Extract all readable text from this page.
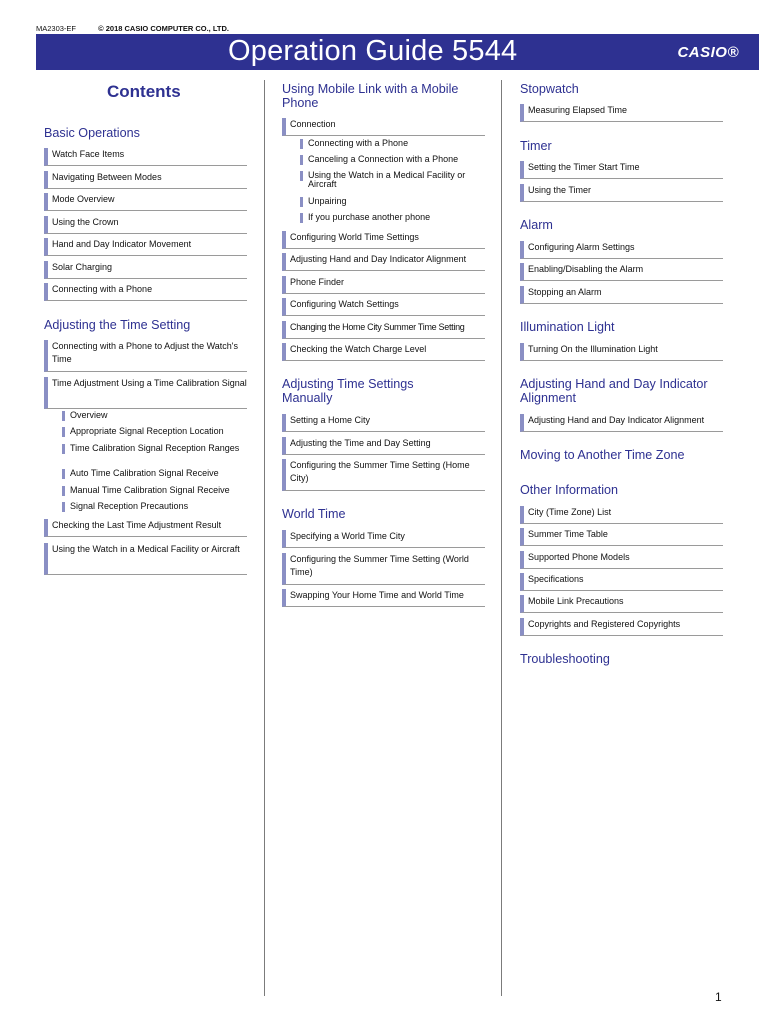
MA2303-EF	© 2018 CASIO COMPUTER CO., LTD.
Operation Guide 5544	CASIO®
Contents
Basic Operations
Watch Face Items
Navigating Between Modes
Mode Overview
Using the Crown
Hand and Day Indicator Movement
Solar Charging
Connecting with a Phone
Adjusting the Time Setting
Connecting with a Phone to Adjust the Watch's Time
Time Adjustment Using a Time Calibration Signal
Overview
Appropriate Signal Reception Location
Time Calibration Signal Reception Ranges
Auto Time Calibration Signal Receive
Manual Time Calibration Signal Receive
Signal Reception Precautions
Checking the Last Time Adjustment Result
Using the Watch in a Medical Facility or Aircraft
Using Mobile Link with a Mobile Phone
Connection
Connecting with a Phone
Canceling a Connection with a Phone
Using the Watch in a Medical Facility or Aircraft
Unpairing
If you purchase another phone
Configuring World Time Settings
Adjusting Hand and Day Indicator Alignment
Phone Finder
Configuring Watch Settings
Changing the Home City Summer Time Setting
Checking the Watch Charge Level
Adjusting Time Settings Manually
Setting a Home City
Adjusting the Time and Day Setting
Configuring the Summer Time Setting (Home City)
World Time
Specifying a World Time City
Configuring the Summer Time Setting (World Time)
Swapping Your Home Time and World Time
Stopwatch
Measuring Elapsed Time
Timer
Setting the Timer Start Time
Using the Timer
Alarm
Configuring Alarm Settings
Enabling/Disabling the Alarm
Stopping an Alarm
Illumination Light
Turning On the Illumination Light
Adjusting Hand and Day Indicator Alignment
Adjusting Hand and Day Indicator Alignment
Moving to Another Time Zone
Other Information
City (Time Zone) List
Summer Time Table
Supported Phone Models
Specifications
Mobile Link Precautions
Copyrights and Registered Copyrights
Troubleshooting
1
